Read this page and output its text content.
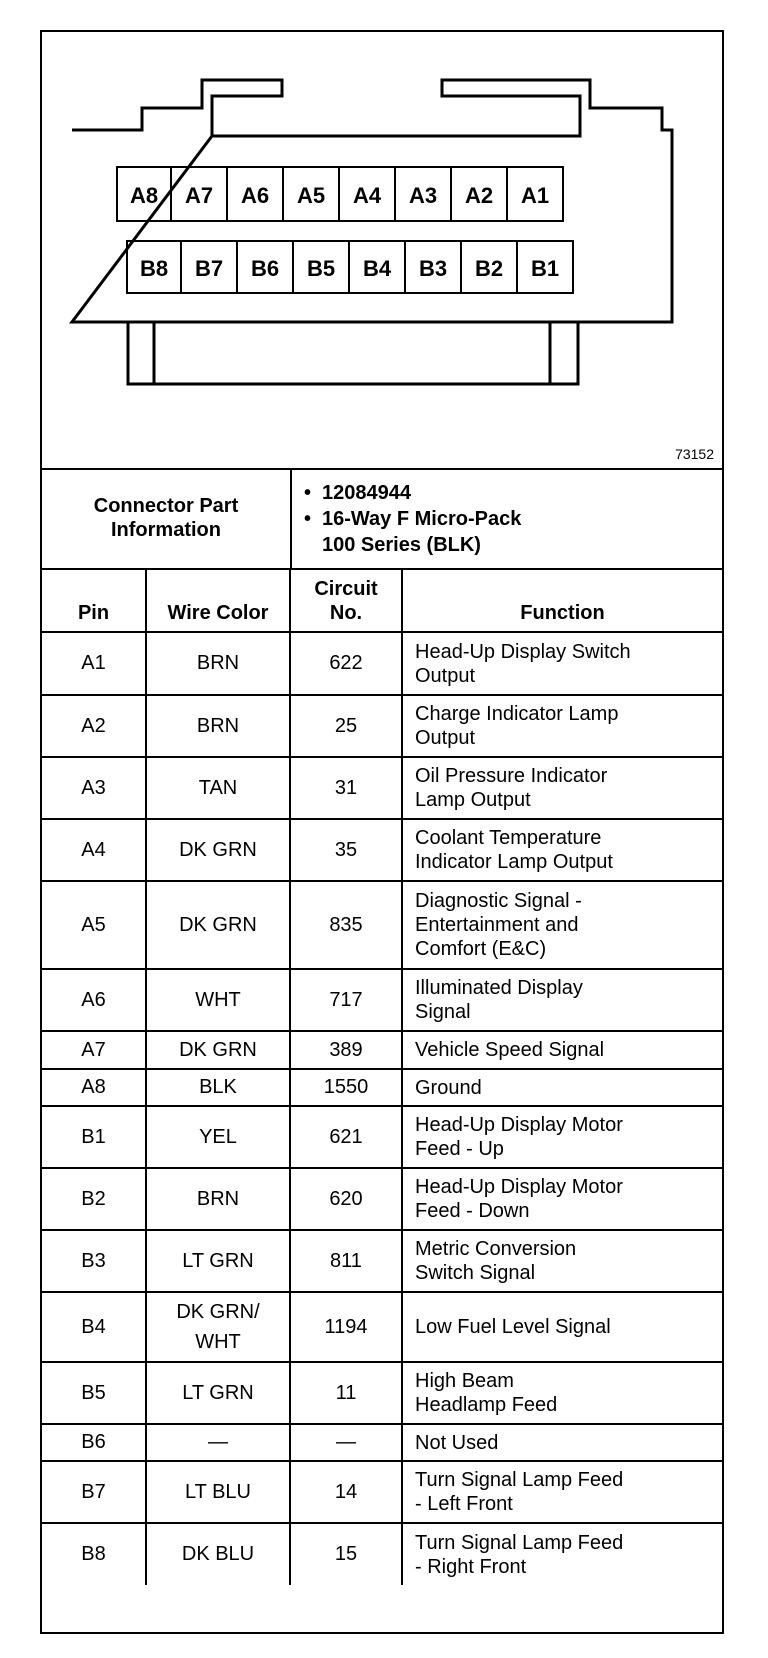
A8	A7	A6	A5	A4	A3	A2	A1
B8	B7	B6	B5	B4	B3	B2	B1
73152
Connector Part
Information
• 12084944
• 16-Way F Micro-Pack
100 Series (BLK)
Pin	Wire Color	Circuit
No.	Function
A1	BRN	622	Head-Up Display Switch
Output

A2	BRN	25	Charge Indicator Lamp
Output

A3	TAN	31	Oil Pressure Indicator
Lamp Output

A4	DK GRN	35	Coolant Temperature
Indicator Lamp Output

A5	DK GRN	835	Diagnostic Signal -
Entertainment and
Comfort (E&C)

A6	WHT	717	Illuminated Display
Signal

A7	DK GRN	389	Vehicle Speed Signal

A8	BLK	1550	Ground

B1	YEL	621	Head-Up Display Motor
Feed - Up

B2	BRN	620	Head-Up Display Motor
Feed - Down

B3	LT GRN	811	Metric Conversion
Switch Signal

B4	DK GRN/
WHT	1194	Low Fuel Level Signal

B5	LT GRN	11	High Beam
Headlamp Feed

B6	—	—	Not Used

B7	LT BLU	14	Turn Signal Lamp Feed
- Left Front

B8	DK BLU	15	Turn Signal Lamp Feed
- Right Front
